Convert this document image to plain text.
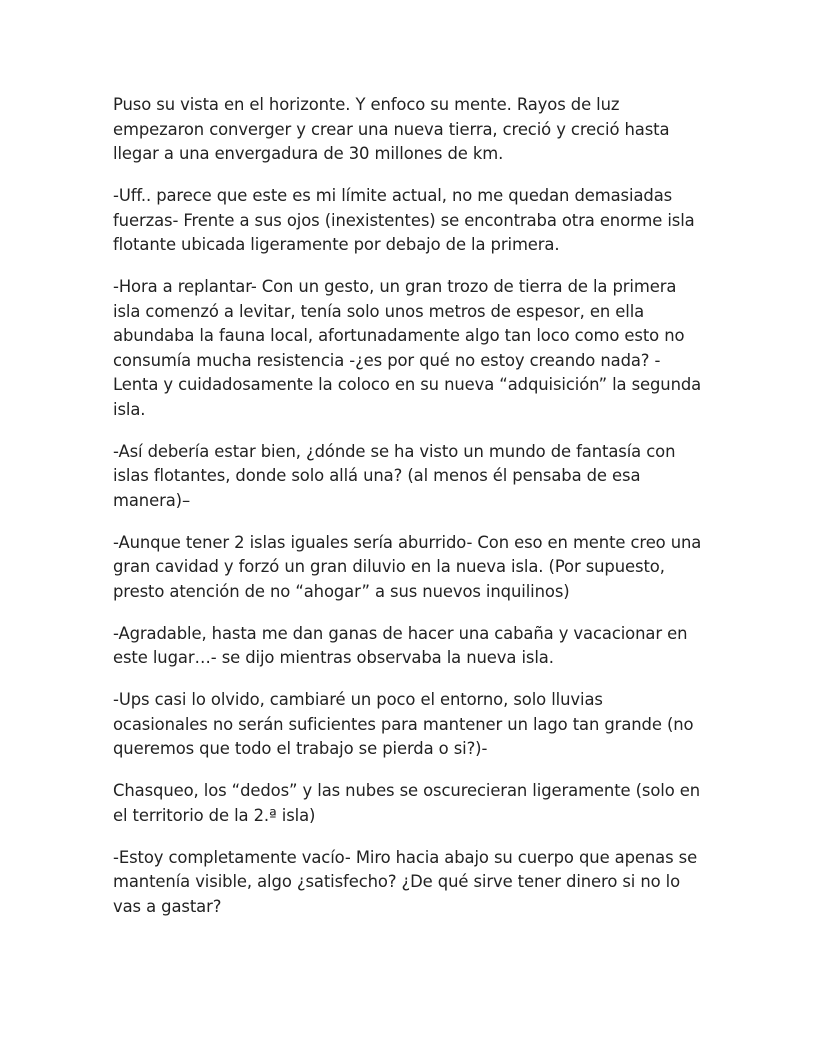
Puso su vista en el horizonte. Y enfoco su mente. Rayos de luz
empezaron converger y crear una nueva tierra, creció y creció hasta
llegar a una envergadura de 30 millones de km.

-Uff.. parece que este es mi límite actual, no me quedan demasiadas
fuerzas- Frente a sus ojos (inexistentes) se encontraba otra enorme isla
flotante ubicada ligeramente por debajo de la primera.

-Hora a replantar- Con un gesto, un gran trozo de tierra de la primera
isla comenzó a levitar, tenía solo unos metros de espesor, en ella
abundaba la fauna local, afortunadamente algo tan loco como esto no
consumía mucha resistencia -¿es por qué no estoy creando nada? -
Lenta y cuidadosamente la coloco en su nueva “adquisición” la segunda
isla.

-Así debería estar bien, ¿dónde se ha visto un mundo de fantasía con
islas flotantes, donde solo allá una? (al menos él pensaba de esa
manera)–

-Aunque tener 2 islas iguales sería aburrido- Con eso en mente creo una
gran cavidad y forzó un gran diluvio en la nueva isla. (Por supuesto,
presto atención de no “ahogar” a sus nuevos inquilinos)

-Agradable, hasta me dan ganas de hacer una cabaña y vacacionar en
este lugar…- se dijo mientras observaba la nueva isla.

-Ups casi lo olvido, cambiaré un poco el entorno, solo lluvias
ocasionales no serán suficientes para mantener un lago tan grande (no
queremos que todo el trabajo se pierda o si?)-

Chasqueo, los “dedos” y las nubes se oscurecieran ligeramente (solo en
el territorio de la 2.ª isla)

-Estoy completamente vacío- Miro hacia abajo su cuerpo que apenas se
mantenía visible, algo ¿satisfecho? ¿De qué sirve tener dinero si no lo
vas a gastar?
